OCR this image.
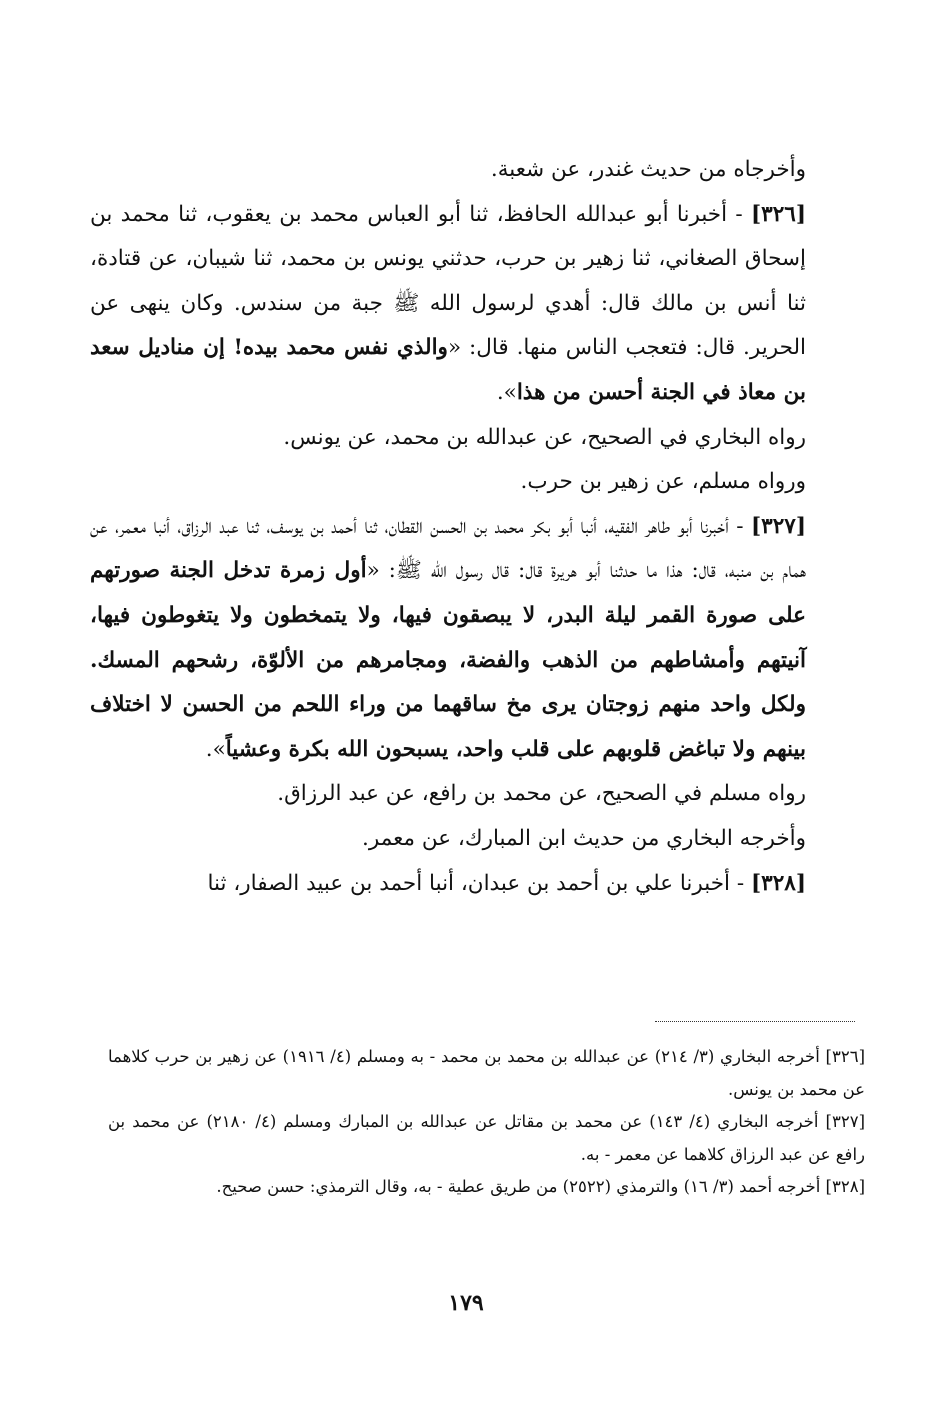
وأخرجاه من حديث غندر، عن شعبة.

[٣٢٦] - أخبرنا أبو عبدالله الحافظ، ثنا أبو العباس محمد بن يعقوب، ثنا محمد بن إسحاق الصغاني، ثنا زهير بن حرب، حدثني يونس بن محمد، ثنا شيبان، عن قتادة، ثنا أنس بن مالك قال: أهدي لرسول الله ﷺ جبة من سندس. وكان ينهى عن الحرير. قال: فتعجب الناس منها. قال: «والذي نفس محمد بيده! إن مناديل سعد بن معاذ في الجنة أحسن من هذا».

رواه البخاري في الصحيح، عن عبدالله بن محمد، عن يونس.

ورواه مسلم، عن زهير بن حرب.

[٣٢٧] - أخبرنا أبو طاهر الفقيه، أنبا أبو بكر محمد بن الحسن القطان، ثنا أحمد بن يوسف، ثنا عبد الرزاق، أنبا معمر، عن همام بن منبه، قال: هذا ما حدثنا أبو هريرة قال: قال رسول الله ﷺ: «أول زمرة تدخل الجنة صورتهم على صورة القمر ليلة البدر، لا يبصقون فيها، ولا يتمخطون ولا يتغوطون فيها، آنيتهم وأمشاطهم من الذهب والفضة، ومجامرهم من الألوّة، رشحهم المسك. ولكل واحد منهم زوجتان يرى مخ ساقهما من وراء اللحم من الحسن لا اختلاف بينهم ولا تباغض قلوبهم على قلب واحد، يسبحون الله بكرة وعشياً».

رواه مسلم في الصحيح، عن محمد بن رافع، عن عبد الرزاق.

وأخرجه البخاري من حديث ابن المبارك، عن معمر.

[٣٢٨] - أخبرنا علي بن أحمد بن عبدان، أنبا أحمد بن عبيد الصفار، ثنا

[٣٢٦] أخرجه البخاري (٣/ ٢١٤) عن عبدالله بن محمد بن محمد - به ومسلم (٤/ ١٩١٦) عن زهير بن حرب كلاهما عن محمد بن يونس.

[٣٢٧] أخرجه البخاري (٤/ ١٤٣) عن محمد بن مقاتل عن عبدالله بن المبارك ومسلم (٤/ ٢١٨٠) عن محمد بن رافع عن عبد الرزاق كلاهما عن معمر - به.

[٣٢٨] أخرجه أحمد (٣/ ١٦) والترمذي (٢٥٢٢) من طريق عطية - به، وقال الترمذي: حسن صحيح.

١٧٩
